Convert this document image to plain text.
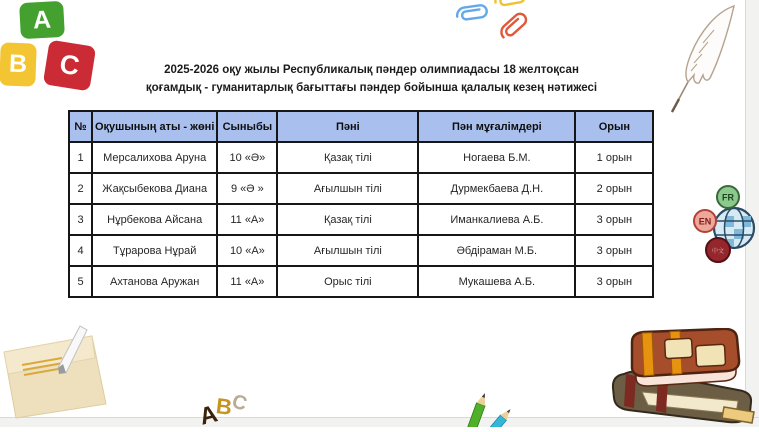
2025-2026 оқу жылы Республикалық пәндер олимпиадасы 18 желтоқсан
қоғамдық - гуманитарлық бағыттағы пәндер бойынша қалалық кезең нәтижесі
№	Оқушының аты - жөні	Сыныбы	Пәні	Пән мұғалімдері	Орын
1	Мерсалихова Аруна	10 «Ә»	Қазақ тілі	Ногаева Б.М.	1 орын
2	Жақсыбекова Диана	9 «Ә »	Ағылшын тілі	Дурмекбаева Д.Н.	2 орын
3	Нұрбекова Айсана	11 «А»	Қазақ тілі	Иманкалиева А.Б.	3 орын
4	Тұрарова Нұрай	10 «А»	Ағылшын тілі	Әбдіраман М.Б.	3 орын
5	Ахтанова Аружан	11 «А»	Орыс тілі	Мукашева А.Б.	3 орын
A
B C
FR
EN
中文
A
B
C
